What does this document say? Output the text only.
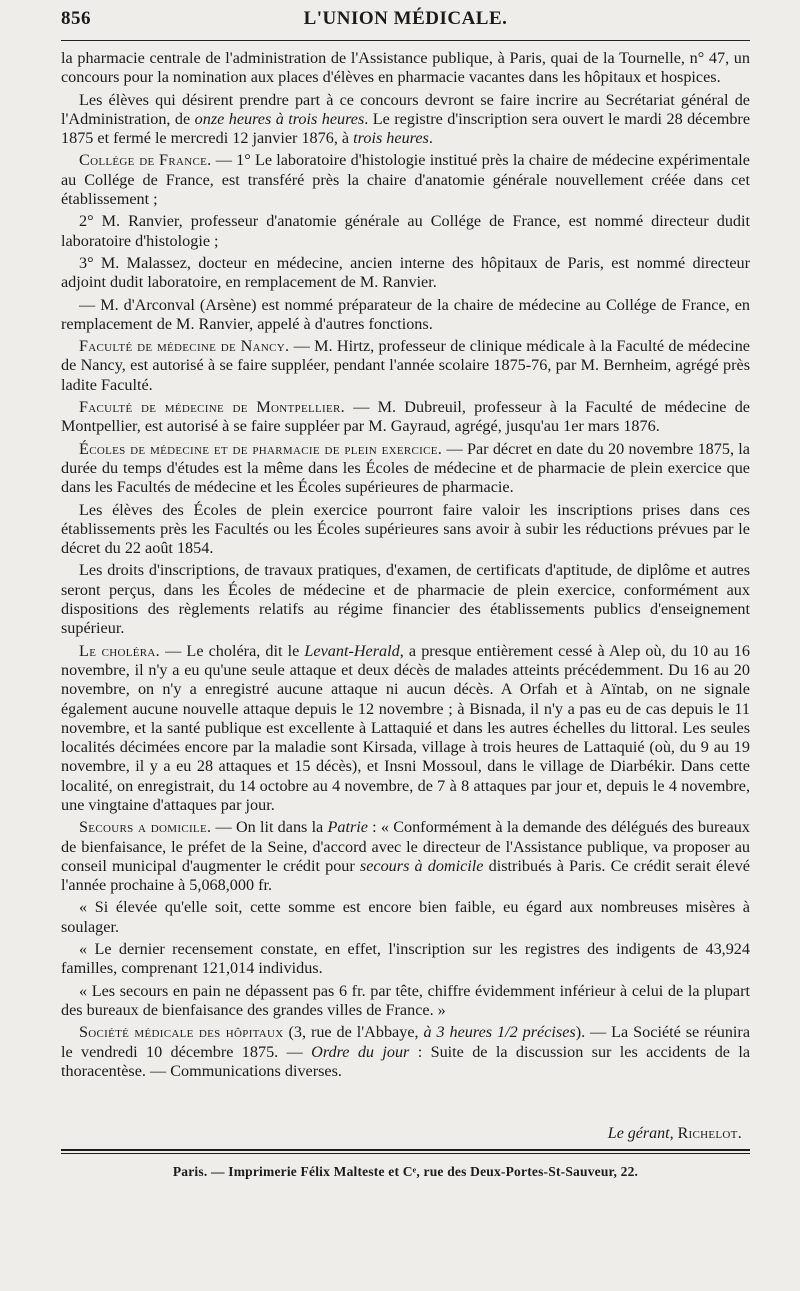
856	L'UNION MÉDICALE.

la pharmacie centrale de l'administration de l'Assistance publique, à Paris, quai de la Tournelle, n° 47, un concours pour la nomination aux places d'élèves en pharmacie vacantes dans les hôpitaux et hospices.

Les élèves qui désirent prendre part à ce concours devront se faire incrire au Secrétariat général de l'Administration, de onze heures à trois heures. Le registre d'inscription sera ouvert le mardi 28 décembre 1875 et fermé le mercredi 12 janvier 1876, à trois heures.

Collége de France. — 1° Le laboratoire d'histologie institué près la chaire de médecine expérimentale au Collége de France, est transféré près la chaire d'anatomie générale nouvellement créée dans cet établissement ;

2° M. Ranvier, professeur d'anatomie générale au Collége de France, est nommé directeur dudit laboratoire d'histologie ;

3° M. Malassez, docteur en médecine, ancien interne des hôpitaux de Paris, est nommé directeur adjoint dudit laboratoire, en remplacement de M. Ranvier.

— M. d'Arconval (Arsène) est nommé préparateur de la chaire de médecine au Collége de France, en remplacement de M. Ranvier, appelé à d'autres fonctions.

Faculté de médecine de Nancy. — M. Hirtz, professeur de clinique médicale à la Faculté de médecine de Nancy, est autorisé à se faire suppléer, pendant l'année scolaire 1875-76, par M. Bernheim, agrégé près ladite Faculté.

Faculté de médecine de Montpellier. — M. Dubreuil, professeur à la Faculté de médecine de Montpellier, est autorisé à se faire suppléer par M. Gayraud, agrégé, jusqu'au 1er mars 1876.

Écoles de médecine et de pharmacie de plein exercice. — Par décret en date du 20 novembre 1875, la durée du temps d'études est la même dans les Écoles de médecine et de pharmacie de plein exercice que dans les Facultés de médecine et les Écoles supérieures de pharmacie.

Les élèves des Écoles de plein exercice pourront faire valoir les inscriptions prises dans ces établissements près les Facultés ou les Écoles supérieures sans avoir à subir les réductions prévues par le décret du 22 août 1854.

Les droits d'inscriptions, de travaux pratiques, d'examen, de certificats d'aptitude, de diplôme et autres seront perçus, dans les Écoles de médecine et de pharmacie de plein exercice, conformément aux dispositions des règlements relatifs au régime financier des établissements publics d'enseignement supérieur.

Le choléra. — Le choléra, dit le Levant-Herald, a presque entièrement cessé à Alep où, du 10 au 16 novembre, il n'y a eu qu'une seule attaque et deux décès de malades atteints précédemment. Du 16 au 20 novembre, on n'y a enregistré aucune attaque ni aucun décès. A Orfah et à Aïntab, on ne signale également aucune nouvelle attaque depuis le 12 novembre ; à Bisnada, il n'y a pas eu de cas depuis le 11 novembre, et la santé publique est excellente à Lattaquié et dans les autres échelles du littoral. Les seules localités décimées encore par la maladie sont Kirsada, village à trois heures de Lattaquié (où, du 9 au 19 novembre, il y a eu 28 attaques et 15 décès), et Insni Mossoul, dans le village de Diarbékir. Dans cette localité, on enregistrait, du 14 octobre au 4 novembre, de 7 à 8 attaques par jour et, depuis le 4 novembre, une vingtaine d'attaques par jour.

Secours a domicile. — On lit dans la Patrie : « Conformément à la demande des délégués des bureaux de bienfaisance, le préfet de la Seine, d'accord avec le directeur de l'Assistance publique, va proposer au conseil municipal d'augmenter le crédit pour secours à domicile distribués à Paris. Ce crédit serait élevé l'année prochaine à 5,068,000 fr.

« Si élevée qu'elle soit, cette somme est encore bien faible, eu égard aux nombreuses misères à soulager.

« Le dernier recensement constate, en effet, l'inscription sur les registres des indigents de 43,924 familles, comprenant 121,014 individus.

« Les secours en pain ne dépassent pas 6 fr. par tête, chiffre évidemment inférieur à celui de la plupart des bureaux de bienfaisance des grandes villes de France. »

Société médicale des hôpitaux (3, rue de l'Abbaye, à 3 heures 1/2 précises). — La Société se réunira le vendredi 10 décembre 1875. — Ordre du jour : Suite de la discussion sur les accidents de la thoracentèse. — Communications diverses.

Le gérant, Richelot.
Paris. — Imprimerie Félix Malteste et Cᵉ, rue des Deux-Portes-St-Sauveur, 22.
